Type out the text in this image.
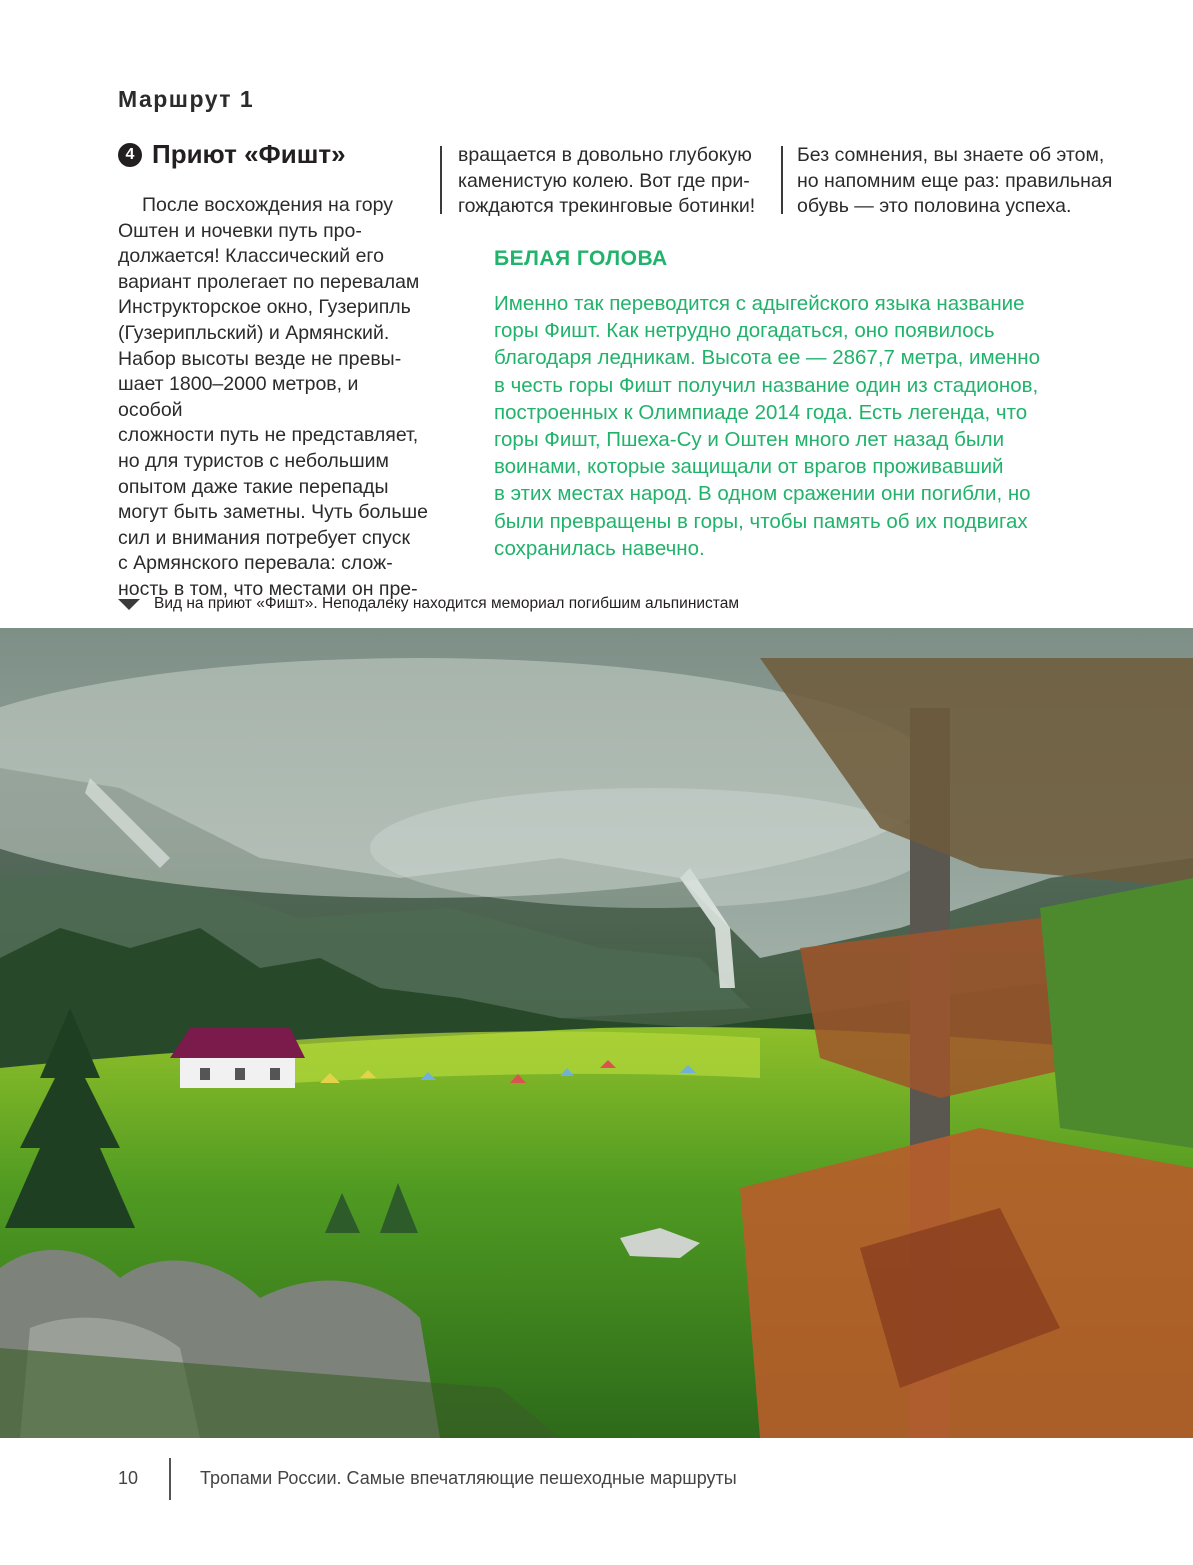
Маршрут 1
4 Приют «Фишт»

После восхождения на гору
Оштен и ночевки путь про-
должается! Классический его
вариант пролегает по перевалам
Инструкторское окно, Гузерипль
(Гузерипльский) и Армянский.
Набор высоты везде не превы-
шает 1800–2000 метров, и особой
сложности путь не представляет,
но для туристов с небольшим
опытом даже такие перепады
могут быть заметны. Чуть больше
сил и внимания потребует спуск
с Армянского перевала: слож-
ность в том, что местами он пре-

вращается в довольно глубокую
каменистую колею. Вот где при-
гождаются трекинговые ботинки!

Без сомнения, вы знаете об этом,
но напомним еще раз: правильная
обувь — это половина успеха.

БЕЛАЯ ГОЛОВА

Именно так переводится с адыгейского языка название
горы Фишт. Как нетрудно догадаться, оно появилось
благодаря ледникам. Высота ее — 2867,7 метра, именно
в честь горы Фишт получил название один из стадионов,
построенных к Олимпиаде 2014 года. Есть легенда, что
горы Фишт, Пшеха-Су и Оштен много лет назад были
воинами, которые защищали от врагов проживавший
в этих местах народ. В одном сражении они погибли, но
были превращены в горы, чтобы память об их подвигах
сохранилась навечно.

Вид на приют «Фишт». Неподалеку находится мемориал погибшим альпинистам
10	Тропами России. Самые впечатляющие пешеходные маршруты
